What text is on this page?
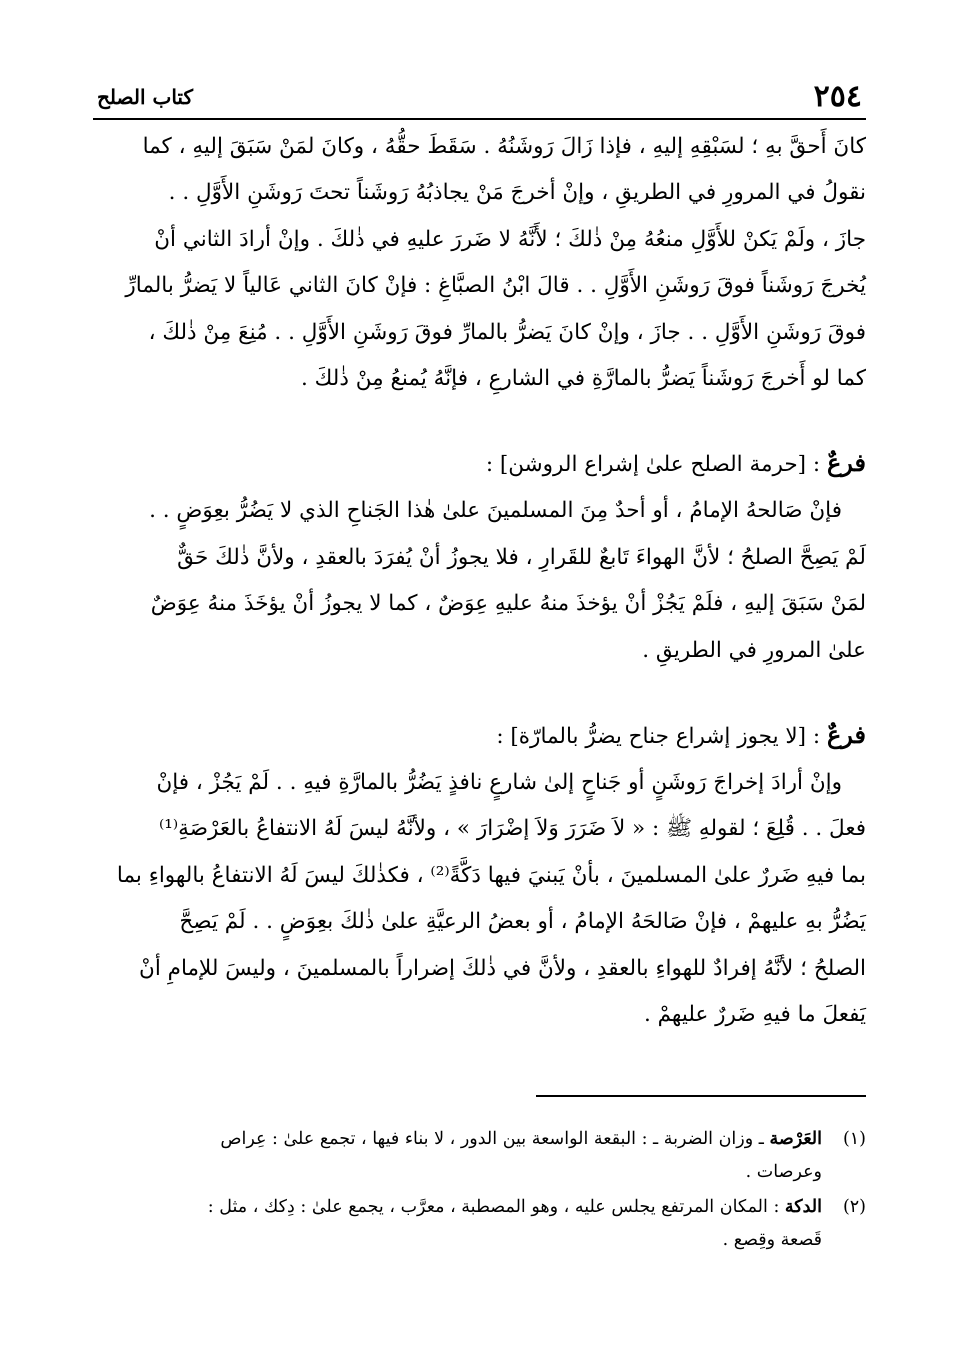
٢٥٤
كتاب الصلح

كانَ أَحقَّ بهِ ؛ لسَبْقِهِ إليهِ ، فإذا زَالَ رَوشَنُهُ . سَقَطَ حقُّهُ ، وكانَ لمَنْ سَبَقَ إليهِ ، كما

نقولُ في المرورِ في الطريقِ ، وإنْ أخرجَ مَنْ يجاذبُهُ رَوشَناً تحتَ رَوشَنِ الأَوَّلِ . .

جازَ ، ولَمْ يَكنْ للأَوَّلِ منعُهُ مِنْ ذٰلكَ ؛ لأَنَّهُ لا ضَررَ عليهِ في ذٰلكَ . وإنْ أرادَ الثاني أنْ

يُخرجَ رَوشَناً فوقَ رَوشَنِ الأَوَّلِ . . قالَ ابْنُ الصبَّاغِ : فإنْ كانَ الثاني عَالياً لا يَضرُّ بالمارِّ

فوقَ رَوشَنِ الأَوَّلِ . . جازَ ، وإنْ كانَ يَضرُّ بالمارِّ فوقَ رَوشَنِ الأَوَّلِ . . مُنِعَ مِنْ ذٰلكَ ،

كما لو أَخرجَ رَوشَناً يَضرُّ بالمارَّةِ في الشارعِ ، فإنَّهُ يُمنعُ مِنْ ذٰلكَ .

فرعٌ : [حرمة الصلح علىٰ إشراع الروشن] :

فإنْ صَالحهُ الإمامُ ، أو أحدٌ مِنَ المسلمينَ علىٰ هٰذا الجَناحِ الذي لا يَضُرُّ بعِوَضٍ . .

لَمْ يَصِحَّ الصلحُ ؛ لأنَّ الهواءَ تَابعٌ للقَرارِ ، فلا يجوزُ أنْ يُفرَدَ بالعقدِ ، ولأنَّ ذٰلكَ حَقٌّ

لمَنْ سَبَقَ إليهِ ، فلَمْ يَجُزْ أنْ يؤخذَ منهُ عليهِ عِوَضٌ ، كما لا يجوزُ أنْ يؤخَذَ منهُ عِوَضٌ

علىٰ المرورِ في الطريقِ .

فرعٌ : [لا يجوز إشراع جناح يضرُّ بالمارّة] :

وإنْ أرادَ إخراجَ رَوشَنٍ أو جَناحٍ إلىٰ شارعٍ نافذٍ يَضُرُّ بالمارَّةِ فيهِ . . لَمْ يَجُزْ ، فإنْ

فعلَ . . قُلِعَ ؛ لقولهِ ﷺ : « لاَ ضَرَرَ وَلاَ إضْرَارَ » ، ولأنَّهُ ليسَ لَهُ الانتفاعُ بالعَرْصَةِ⁽¹⁾

بما فيهِ ضَررٌ علىٰ المسلمينَ ، بأنْ يَبنيَ فيها دَكَّةً⁽²⁾ ، فكذٰلكَ ليسَ لَهُ الانتفاعُ بالهواءِ بما

يَضُرُّ بهِ عليهمْ ، فإنْ صَالحَهُ الإمامُ ، أو بعضُ الرعيَّةِ علىٰ ذٰلكَ بعِوَضٍ . . لَمْ يَصِحَّ

الصلحُ ؛ لأنَّهُ إفرادٌ للهواءِ بالعقدِ ، ولأنَّ في ذٰلكَ إضراراً بالمسلمينَ ، وليسَ للإمامِ أنْ

يَفعلَ ما فيهِ ضَررٌ عليهمْ .

(١)

العَرْصة ـ وزان الضربة ـ : البقعة الواسعة بين الدور ، لا بناء فيها ، تجمع علىٰ : عِراص

وعرصات .

(٢)

الدكة : المكان المرتفع يجلس عليه ، وهو المصطبة ، معرَّب ، يجمع علىٰ : دِكك ، مثل :

قَصعة وقِصع .
